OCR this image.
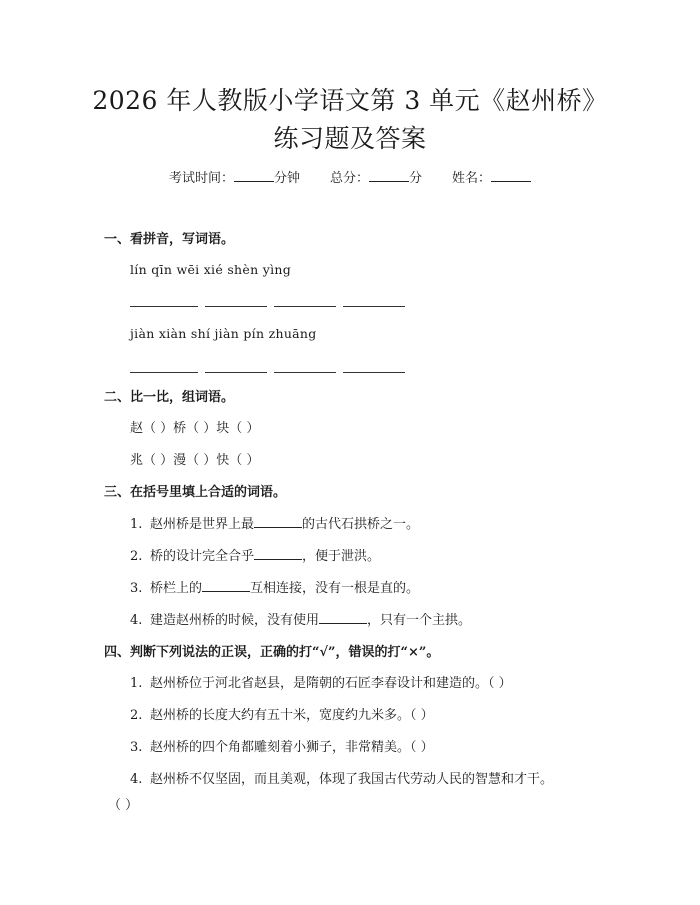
2026 年人教版小学语文第 3 单元《赵州桥》
练习题及答案
考试时间：	分钟 总分：	分 姓名：
一、看拼音，写词语。
lín qīn wēi xié shèn yìng
jiàn xiàn shí jiàn pín zhuāng
二、比一比，组词语。
赵（ ）桥（ ）块（ ）
兆（ ）漫（ ）快（ ）
三、在括号里填上合适的词语。
1. 赵州桥是世界上最	的古代石拱桥之一。
2. 桥的设计完全合乎	，便于泄洪。
3. 桥栏上的	互相连接，没有一根是直的。
4. 建造赵州桥的时候，没有使用	，只有一个主拱。
四、判断下列说法的正误，正确的打“√”，错误的打“×”。
1. 赵州桥位于河北省赵县，是隋朝的石匠李春设计和建造的。（ ）
2. 赵州桥的长度大约有五十米，宽度约九米多。（ ）
3. 赵州桥的四个角都雕刻着小狮子，非常精美。（ ）
4. 赵州桥不仅坚固，而且美观，体现了我国古代劳动人民的智慧和才干。
（ ）
